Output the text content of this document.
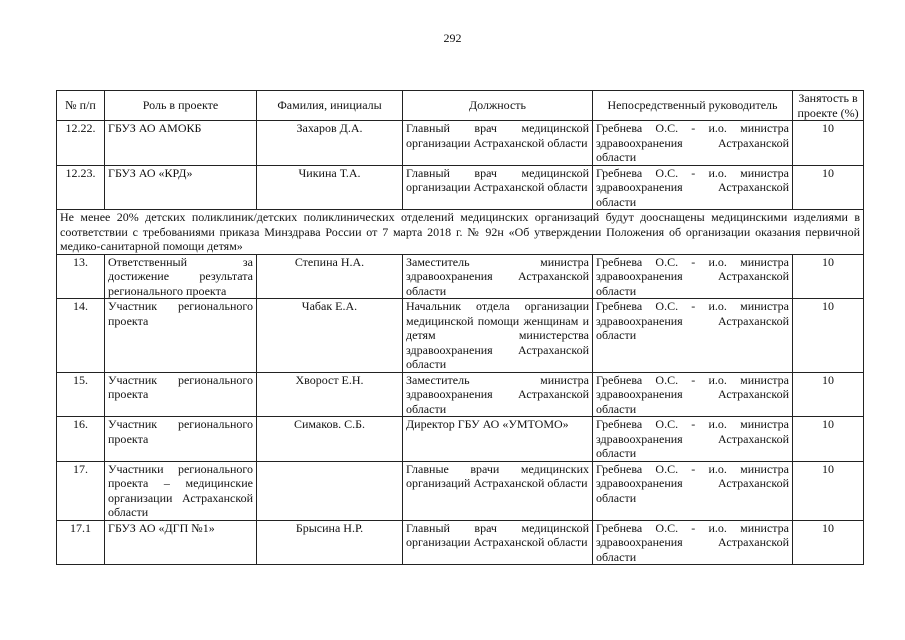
292
№ п/п	Роль в проекте	Фамилия, инициалы	Должность	Непосредственный руководитель	Занятость в проекте (%)
12.22.	ГБУЗ АО АМОКБ	Захаров Д.А.	Главный врач медицинской организации Астраханской области	Гребнева О.С. - и.о. министра здравоохранения Астраханской области	10
12.23.	ГБУЗ АО «КРД»	Чикина Т.А.	Главный врач медицинской организации Астраханской области	Гребнева О.С. - и.о. министра здравоохранения Астраханской области	10
Не менее 20% детских поликлиник/детских поликлинических отделений медицинских организаций будут дооснащены медицинскими изделиями в соответствии с требованиями приказа Минздрава России от 7 марта 2018 г. № 92н «Об утверждении Положения об организации оказания первичной медико-санитарной помощи детям»					
13.	Ответственный за достижение результата регионального проекта	Степина Н.А.	Заместитель министра здравоохранения Астраханской области	Гребнева О.С. - и.о. министра здравоохранения Астраханской области	10
14.	Участник регионального проекта	Чабак Е.А.	Начальник отдела организации медицинской помощи женщинам и детям министерства здравоохранения Астраханской области	Гребнева О.С. - и.о. министра здравоохранения Астраханской области	10
15.	Участник регионального проекта	Хворост Е.Н.	Заместитель министра здравоохранения Астраханской области	Гребнева О.С. - и.о. министра здравоохранения Астраханской области	10
16.	Участник регионального проекта	Симаков. С.Б.	Директор ГБУ АО «УМТОМО»	Гребнева О.С. - и.о. министра здравоохранения Астраханской области	10
17.	Участники регионального проекта – медицинские организации Астраханской области		Главные врачи медицинских организаций Астраханской области	Гребнева О.С. - и.о. министра здравоохранения Астраханской области	10
17.1	ГБУЗ АО «ДГП №1»	Брысина Н.Р.	Главный врач медицинской организации Астраханской области	Гребнева О.С. - и.о. министра здравоохранения Астраханской области	10
